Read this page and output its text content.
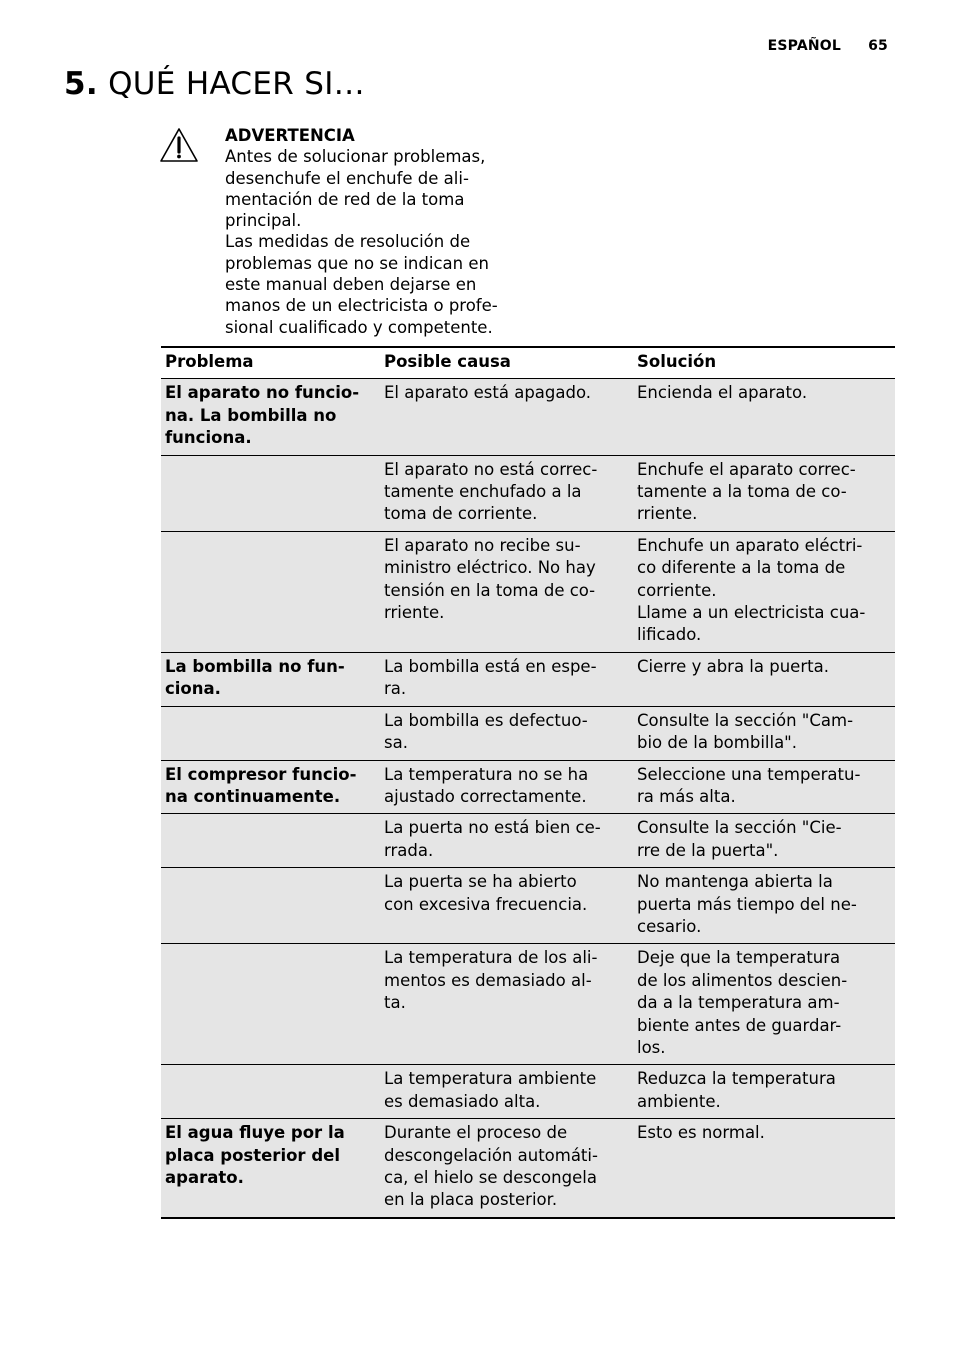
ESPAÑOL 65
5. QUÉ HACER SI…
ADVERTENCIA
Antes de solucionar problemas,
desenchufe el enchufe de ali-
mentación de red de la toma
principal.
Las medidas de resolución de
problemas que no se indican en
este manual deben dejarse en
manos de un electricista o profe-
sional cualificado y competente.
Problema	Posible causa	Solución
El aparato no funcio-
na. La bombilla no
funciona.	El aparato está apagado.	Encienda el aparato.
	El aparato no está correc-
tamente enchufado a la
toma de corriente.	Enchufe el aparato correc-
tamente a la toma de co-
rriente.
	El aparato no recibe su-
ministro eléctrico. No hay
tensión en la toma de co-
rriente.	Enchufe un aparato eléctri-
co diferente a la toma de
corriente.
Llame a un electricista cua-
lificado.
La bombilla no fun-
ciona.	La bombilla está en espe-
ra.	Cierre y abra la puerta.
	La bombilla es defectuo-
sa.	Consulte la sección "Cam-
bio de la bombilla".
El compresor funcio-
na continuamente.	La temperatura no se ha
ajustado correctamente.	Seleccione una temperatu-
ra más alta.
	La puerta no está bien ce-
rrada.	Consulte la sección "Cie-
rre de la puerta".
	La puerta se ha abierto
con excesiva frecuencia.	No mantenga abierta la
puerta más tiempo del ne-
cesario.
	La temperatura de los ali-
mentos es demasiado al-
ta.	Deje que la temperatura
de los alimentos descien-
da a la temperatura am-
biente antes de guardar-
los.
	La temperatura ambiente
es demasiado alta.	Reduzca la temperatura
ambiente.
El agua fluye por la
placa posterior del
aparato.	Durante el proceso de
descongelación automáti-
ca, el hielo se descongela
en la placa posterior.	Esto es normal.
